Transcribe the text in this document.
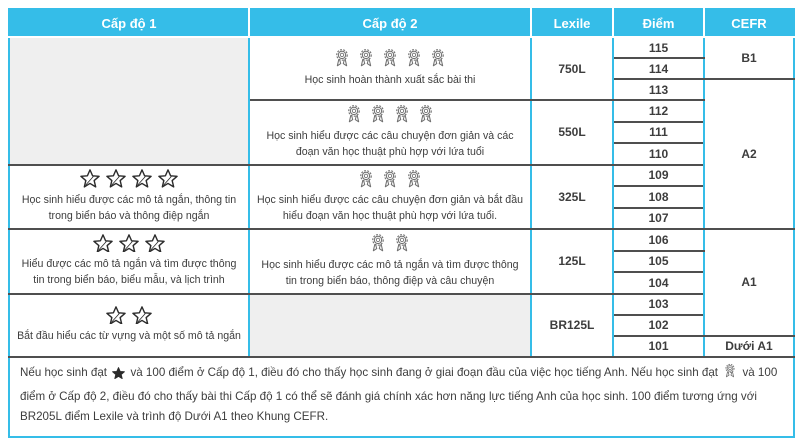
Cấp độ 1	Cấp độ 2	Lexile	Điểm	CEFR

	Học sinh hoàn thành xuất sắc bài thi	750L	115	B1
			114	
			113	A2

	Học sinh hiểu được các câu chuyện đơn giản và các đoạn văn học thuật phù hợp với lứa tuổi	550L	112	
			111	
			110	

Học sinh hiểu được các mô tả ngắn, thông tin trong biển báo và thông điệp ngắn	Học sinh hiểu được các câu chuyện đơn giản và bắt đầu hiểu đoạn văn học thuật phù hợp với lứa tuổi.	325L	109	
			108	
			107	

Hiểu được các mô tả ngắn và tìm được thông tin trong biển báo, biểu mẫu, và lịch trình	Học sinh hiểu được các mô tả ngắn và tìm được thông tin trong biển báo, thông điệp và câu chuyện	125L	106	A1
			105	
			104	

Bắt đầu hiểu các từ vựng và một số mô tả ngắn		BR125L	103	
			102	
			101	Dưới A1
Nếu học sinh đạt  và 100 điểm ở Cấp độ 1, điều đó cho thấy học sinh đang ở giai đoạn đầu của việc học tiếng Anh. Nếu học sinh đạt  và 100 điểm ở Cấp độ 2, điều đó cho thấy bài thi Cấp độ 1 có thể sẽ đánh giá chính xác hơn năng lực tiếng Anh của học sinh. 100 điểm tương ứng với BR205L điểm Lexile và trình độ Dưới A1 theo Khung CEFR.				
